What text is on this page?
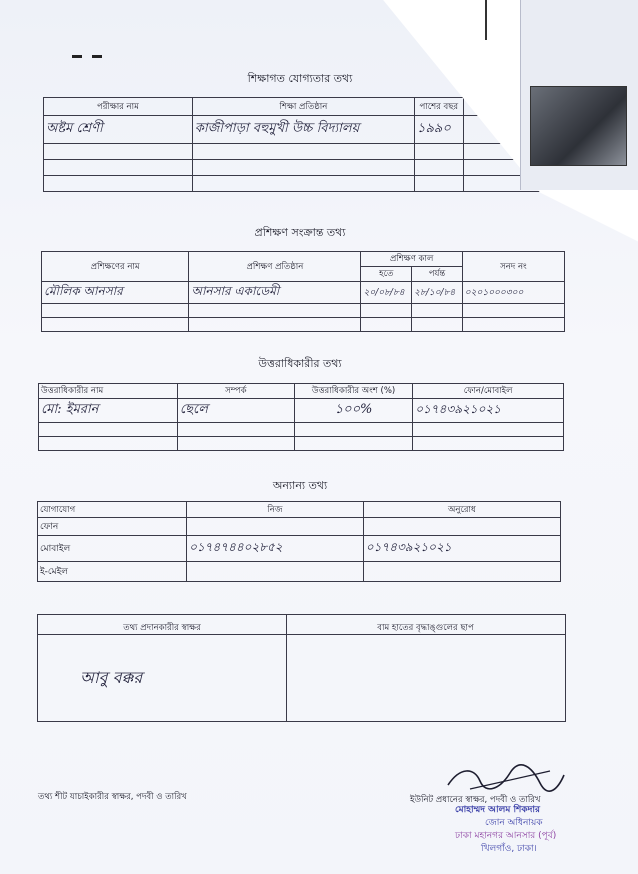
শিক্ষাগত যোগ্যতার তথ্য
পরীক্ষার নাম	শিক্ষা প্রতিষ্ঠান	পাশের বছর	
অষ্টম শ্রেণী	কাজীপাড়া বহুমুখী উচ্চ বিদ্যালয়	১৯৯০	

প্রশিক্ষণ সংক্রান্ত তথ্য
প্রশিক্ষণের নাম	প্রশিক্ষণ প্রতিষ্ঠান	প্রশিক্ষণ কাল		সনদ নং
		হতে	পর্যন্ত	
মৌলিক আনসার	আনসার একাডেমী	২০/০৮/৮৪	২৮/১০/৮৪	০২০১০০০৩০০

উত্তরাধিকারীর তথ্য
উত্তরাধিকারীর নাম	সম্পর্ক	উত্তরাধিকারীর অংশ (%)	ফোন/মোবাইল
মো: ইমরান	ছেলে	১০০%	০১৭৪৩৯২১০২১

অন্যান্য তথ্য
যোগাযোগ	নিজ	অনুরোধ
ফোন		
মোবাইল	০১৭৪৭৪৪০২৮৫২	০১৭৪৩৯২১০২১
ই-মেইল		
তথ্য প্রদানকারীর স্বাক্ষর
আবু বক্কর
বাম হাতের বৃদ্ধাঙ্গুলের ছাপ
তথ্য শীট যাচাইকারীর স্বাক্ষর, পদবী ও তারিখ	ইউনিট প্রধানের স্বাক্ষর, পদবী ও তারিখ
মোহাম্মদ আলম শিকদার
জোন অধিনায়ক
ঢাকা মহানগর আনসার (পূর্ব)
খিলগাঁও, ঢাকা।
